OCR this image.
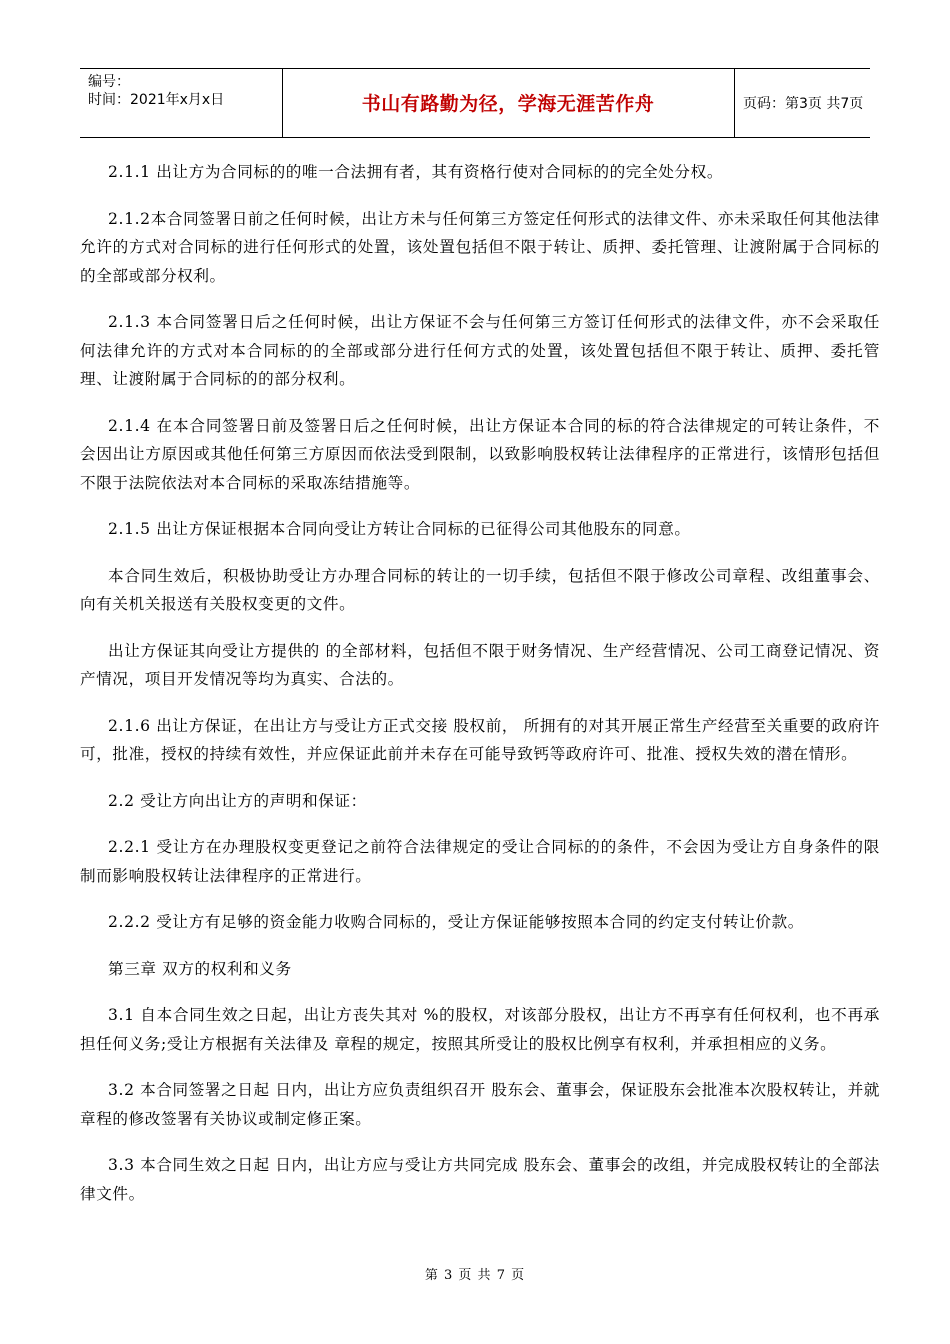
编号：
时间：2021年x月x日	书山有路勤为径，学海无涯苦作舟	页码：第3页 共7页

2.1.1 出让方为合同标的的唯一合法拥有者，其有资格行使对合同标的的完全处分权。

2.1.2本合同签署日前之任何时候，出让方未与任何第三方签定任何形式的法律文件、亦未采取任何其他法律允许的方式对合同标的进行任何形式的处置，该处置包括但不限于转让、质押、委托管理、让渡附属于合同标的的全部或部分权利。

2.1.3 本合同签署日后之任何时候，出让方保证不会与任何第三方签订任何形式的法律文件，亦不会采取任何法律允许的方式对本合同标的的全部或部分进行任何方式的处置，该处置包括但不限于转让、质押、委托管理、让渡附属于合同标的的部分权利。

2.1.4 在本合同签署日前及签署日后之任何时候，出让方保证本合同的标的符合法律规定的可转让条件，不会因出让方原因或其他任何第三方原因而依法受到限制，以致影响股权转让法律程序的正常进行，该情形包括但不限于法院依法对本合同标的采取冻结措施等。

2.1.5 出让方保证根据本合同向受让方转让合同标的已征得公司其他股东的同意。

本合同生效后，积极协助受让方办理合同标的转让的一切手续，包括但不限于修改公司章程、改组董事会、向有关机关报送有关股权变更的文件。

出让方保证其向受让方提供的 的全部材料，包括但不限于财务情况、生产经营情况、公司工商登记情况、资产情况，项目开发情况等均为真实、合法的。

2.1.6 出让方保证，在出让方与受让方正式交接 股权前， 所拥有的对其开展正常生产经营至关重要的政府许可，批准，授权的持续有效性，并应保证此前并未存在可能导致钙等政府许可、批准、授权失效的潜在情形。

2.2 受让方向出让方的声明和保证：

2.2.1 受让方在办理股权变更登记之前符合法律规定的受让合同标的的条件，不会因为受让方自身条件的限制而影响股权转让法律程序的正常进行。

2.2.2 受让方有足够的资金能力收购合同标的，受让方保证能够按照本合同的约定支付转让价款。

第三章 双方的权利和义务

3.1 自本合同生效之日起，出让方丧失其对 %的股权，对该部分股权，出让方不再享有任何权利，也不再承担任何义务;受让方根据有关法律及 章程的规定，按照其所受让的股权比例享有权利，并承担相应的义务。

3.2 本合同签署之日起 日内，出让方应负责组织召开 股东会、董事会，保证股东会批准本次股权转让，并就 章程的修改签署有关协议或制定修正案。

3.3 本合同生效之日起 日内，出让方应与受让方共同完成 股东会、董事会的改组，并完成股权转让的全部法律文件。

第 3 页 共 7 页
